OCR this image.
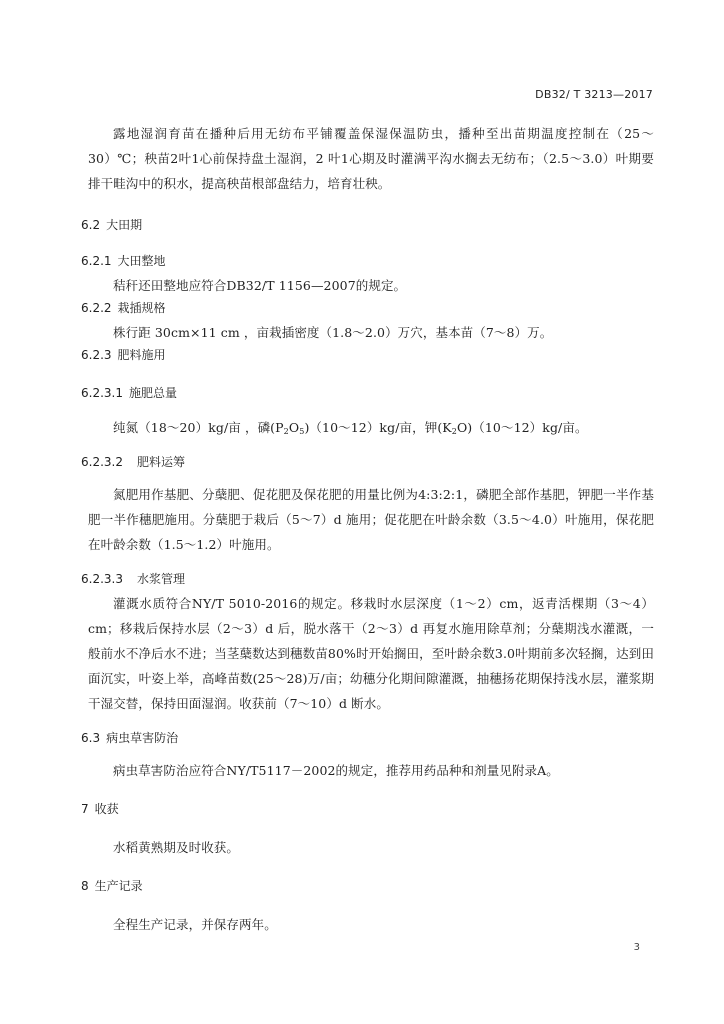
DB32/ T 3213—2017

露地湿润育苗在播种后用无纺布平铺覆盖保湿保温防虫，播种至出苗期温度控制在（25～30）℃；秧苗2叶1心前保持盘土湿润，2 叶1心期及时灌满平沟水搁去无纺布；（2.5～3.0）叶期要排干畦沟中的积水，提高秧苗根部盘结力，培育壮秧。

6.2 大田期
6.2.1 大田整地

秸秆还田整地应符合DB32/T 1156—2007的规定。

6.2.2 栽插规格

株行距 30cm×11 cm ，亩栽插密度（1.8～2.0）万穴，基本苗（7～8）万。

6.2.3 肥料施用
6.2.3.1 施肥总量

纯氮（18～20）kg/亩 ，磷$(P_2O_5)(10\sim 12)kg/$亩，钾$(K_2O)(10\sim 12)kg/$亩。

6.2.3.2 肥料运筹

氮肥用作基肥、分蘖肥、促花肥及保花肥的用量比例为4:3:2:1，磷肥全部作基肥，钾肥一半作基肥一半作穗肥施用。分蘖肥于栽后（5～7）d 施用；促花肥在叶龄余数（3.5～4.0）叶施用，保花肥在叶龄余数（1.5～1.2）叶施用。

6.2.3.3 水浆管理

灌溉水质符合NY/T 5010-2016的规定。移栽时水层深度（1～2）cm，返青活棵期（3～4）cm；移栽后保持水层（2～3）d 后，脱水落干（2～3）d 再复水施用除草剂；分蘖期浅水灌溉，一般前水不净后水不进；当茎蘖数达到穗数苗80%时开始搁田，至叶龄余数3.0叶期前多次轻搁，达到田面沉实，叶姿上举，高峰苗数(25～28)万/亩；幼穗分化期间隙灌溉，抽穗扬花期保持浅水层，灌浆期干湿交替，保持田面湿润。收获前（7～10）d 断水。

6.3 病虫草害防治

病虫草害防治应符合NY/T5117－2002的规定，推荐用药品种和剂量见附录A。

7 收获

水稻黄熟期及时收获。

8 生产记录

全程生产记录，并保存两年。

3
